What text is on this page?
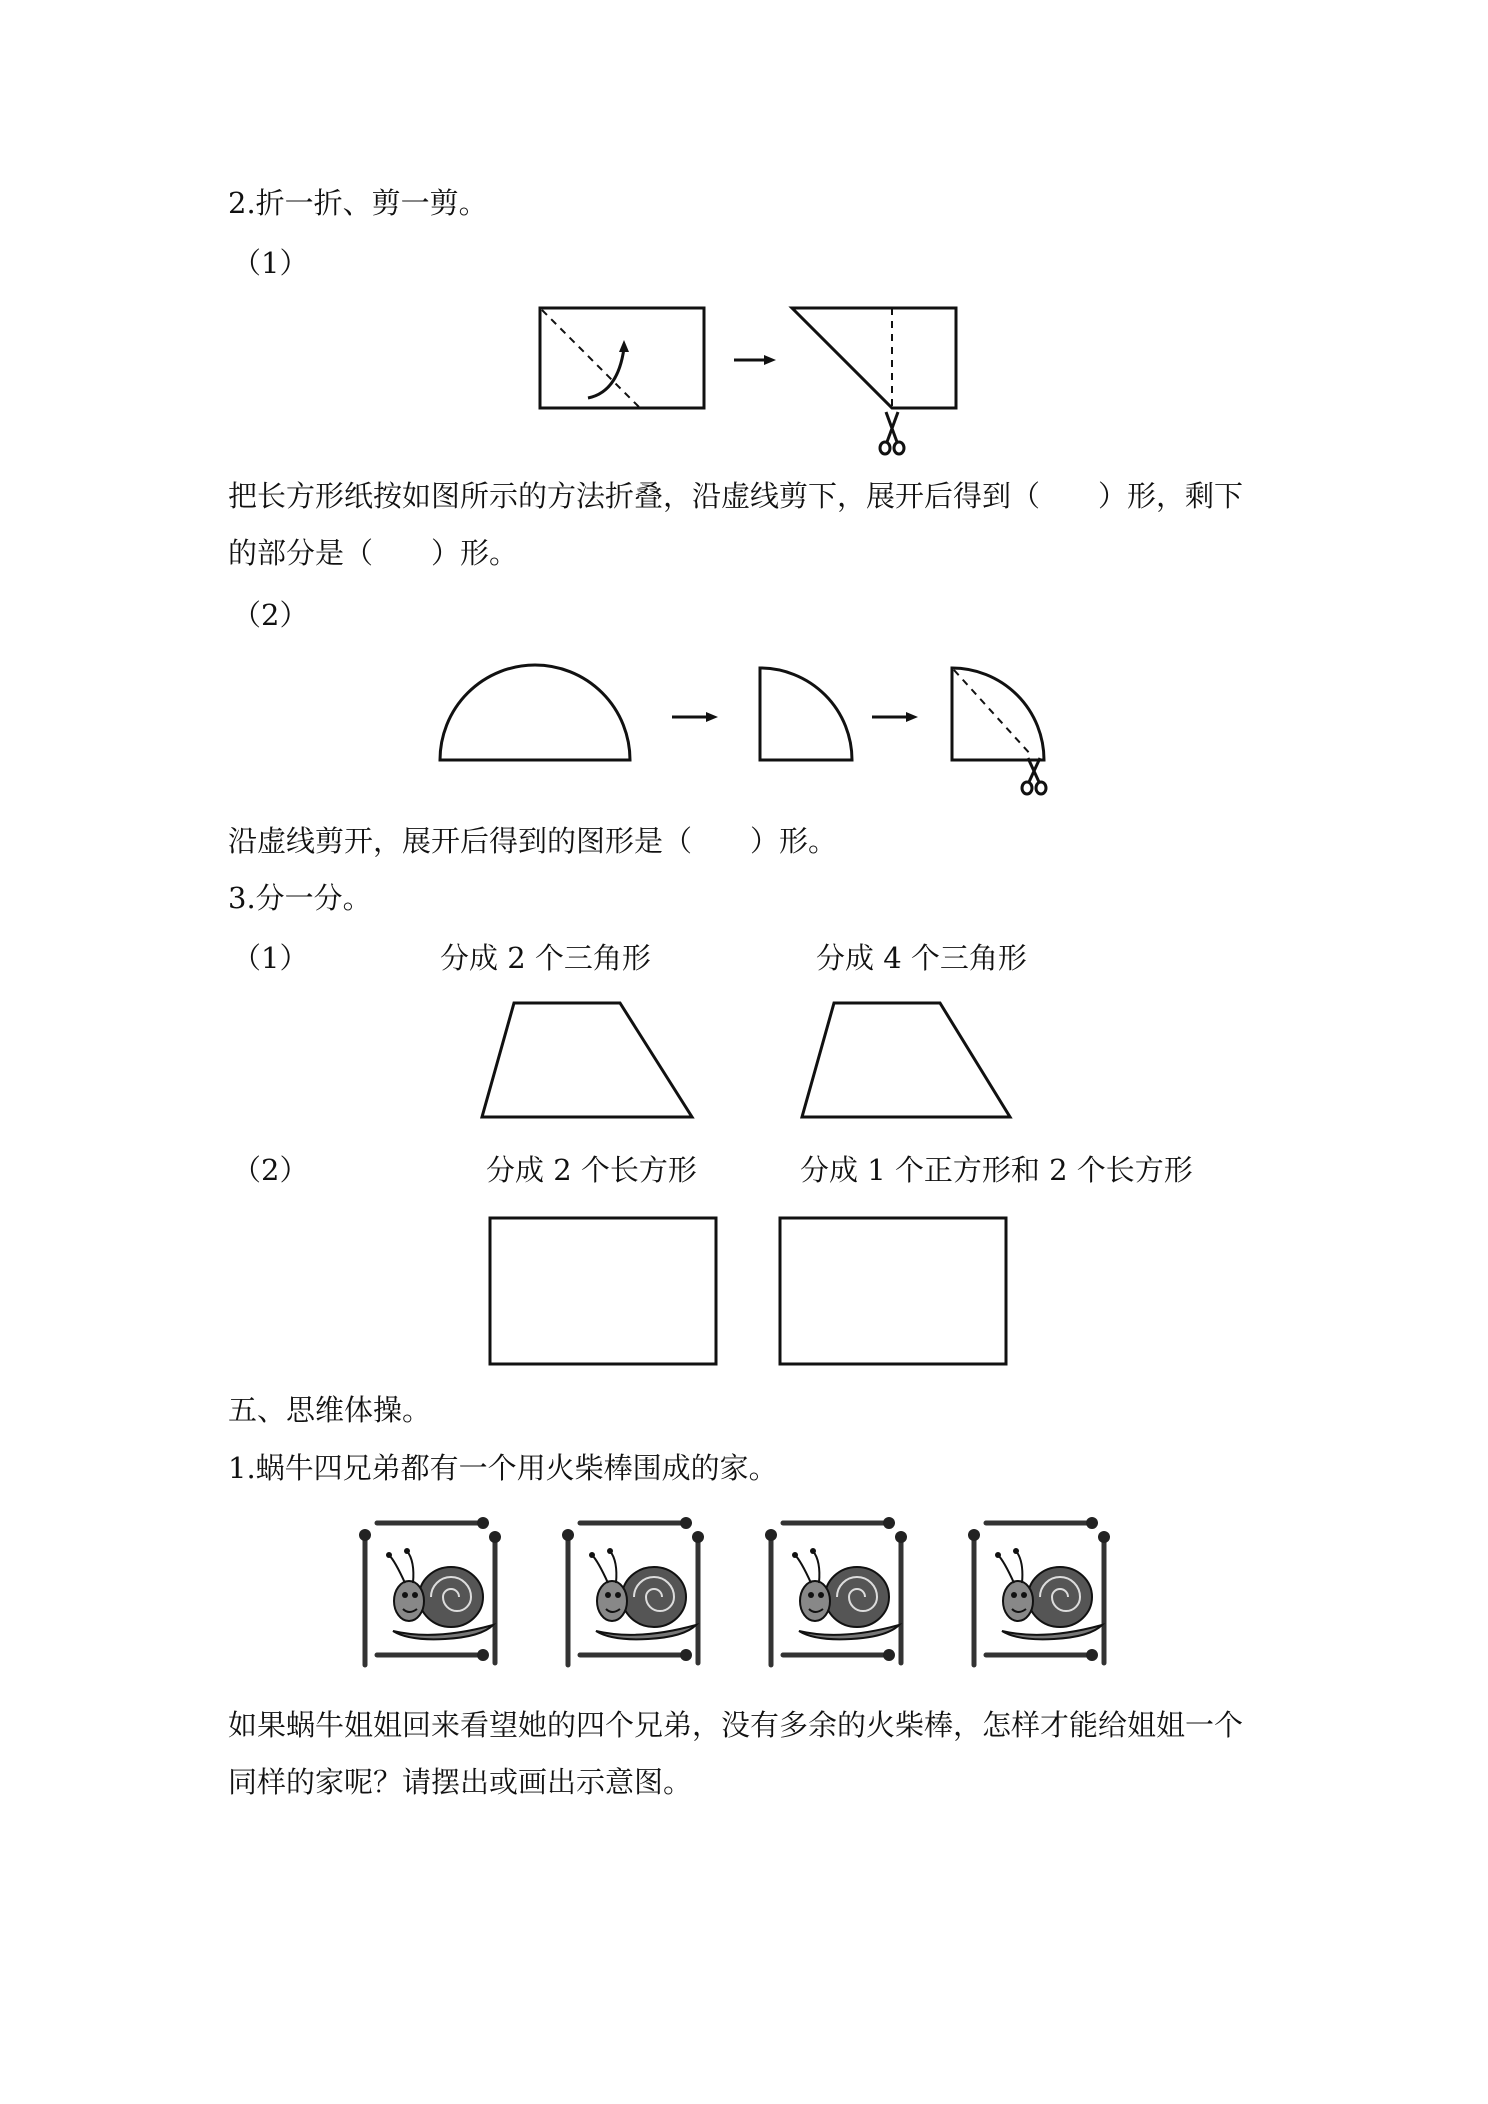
2.折一折、剪一剪。
（1）
把长方形纸按如图所示的方法折叠，沿虚线剪下，展开后得到（　　）形，剩下
的部分是（　　）形。
（2）
沿虚线剪开，展开后得到的图形是（　　）形。
3.分一分。
（1）	分成 2 个三角形	分成 4 个三角形
（2）	分成 2 个长方形	分成 1 个正方形和 2 个长方形
五、思维体操。
1.蜗牛四兄弟都有一个用火柴棒围成的家。
如果蜗牛姐姐回来看望她的四个兄弟，没有多余的火柴棒，怎样才能给姐姐一个
同样的家呢？请摆出或画出示意图。
